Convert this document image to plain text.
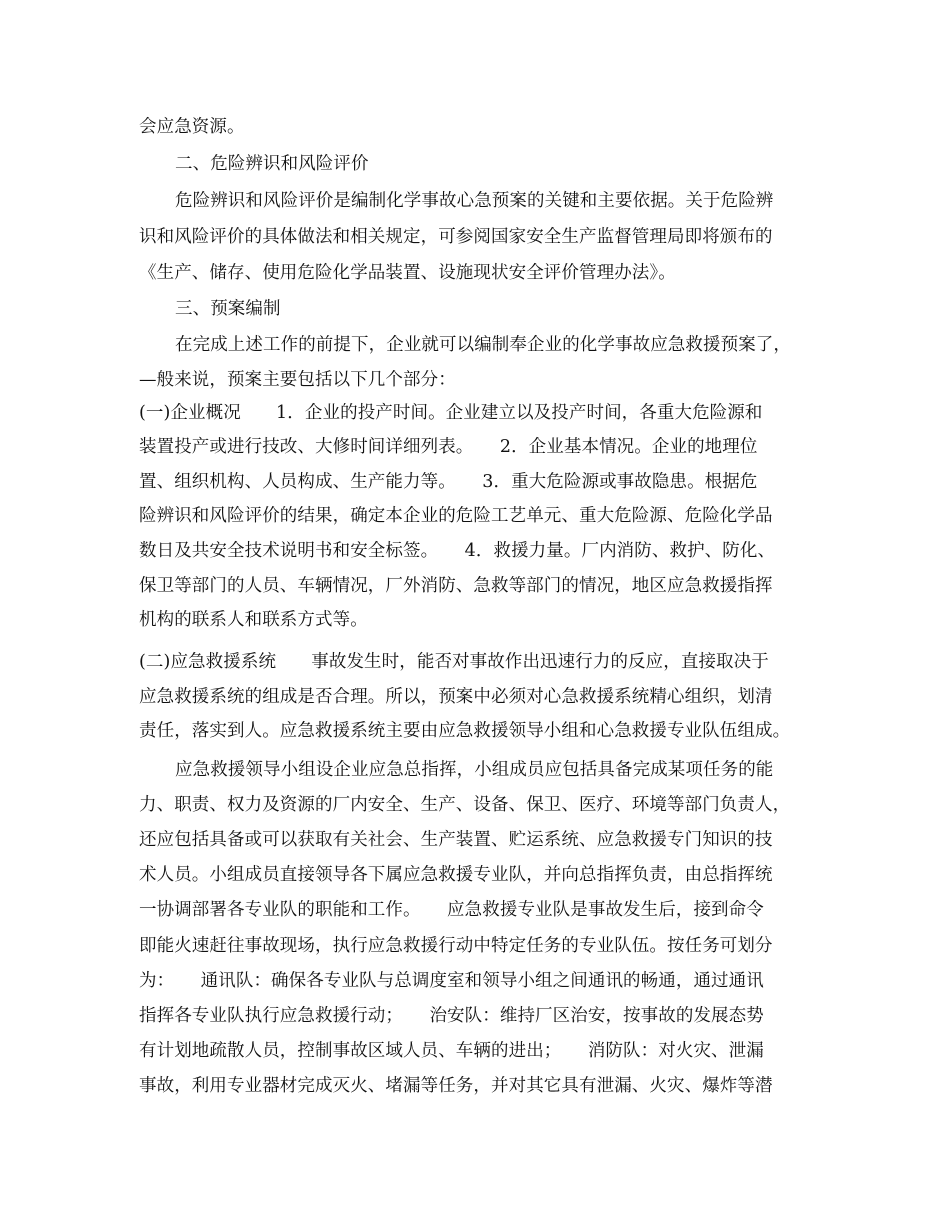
会应急资源。
二、危险辨识和风险评价
危险辨识和风险评价是编制化学事故心急预案的关键和主要依据。关于危险辨
识和风险评价的具体做法和相关规定，可参阅国家安全生产监督管理局即将颁布的
《生产、储存、使用危险化学品装置、设施现状安全评价管理办法》。
三、预案编制
在完成上述工作的前提下，企业就可以编制奉企业的化学事故应急救援预案了，
—般来说，预案主要包括以下几个部分：
(一)企业概况　　1．企业的投产时间。企业建立以及投产时间，各重大危险源和
装置投产或进行技改、大修时间详细列表。　　2．企业基本情况。企业的地理位
置、组织机构、人员构成、生产能力等。　　3．重大危险源或事故隐患。根据危
险辨识和风险评价的结果，确定本企业的危险工艺单元、重大危险源、危险化学品
数日及共安全技术说明书和安全标签。　　4．救援力量。厂内消防、救护、防化、
保卫等部门的人员、车辆情况，厂外消防、急救等部门的情况，地区应急救援指挥
机构的联系人和联系方式等。
(二)应急救援系统　　事故发生时，能否对事故作出迅速行力的反应，直接取决于
应急救援系统的组成是否合理。所以，预案中必须对心急救援系统精心组织，划清
责任，落实到人。应急救援系统主要由应急救援领导小组和心急救援专业队伍组成。
应急救援领导小组设企业应急总指挥，小组成员应包括具备完成某项任务的能
力、职责、权力及资源的厂内安全、生产、设备、保卫、医疗、环境等部门负责人，
还应包括具备或可以获取有关社会、生产装置、贮运系统、应急救援专门知识的技
术人员。小组成员直接领导各下属应急救援专业队，并向总指挥负责，由总指挥统
一协调部署各专业队的职能和工作。　　应急救援专业队是事故发生后，接到命令
即能火速赶往事故现场，执行应急救援行动中特定任务的专业队伍。按任务可划分
为：　　通讯队：确保各专业队与总调度室和领导小组之间通讯的畅通，通过通讯
指挥各专业队执行应急救援行动；　　治安队：维持厂区治安，按事故的发展态势
有计划地疏散人员，控制事故区域人员、车辆的进出；　　消防队：对火灾、泄漏
事故，利用专业器材完成灭火、堵漏等任务，并对其它具有泄漏、火灾、爆炸等潜
